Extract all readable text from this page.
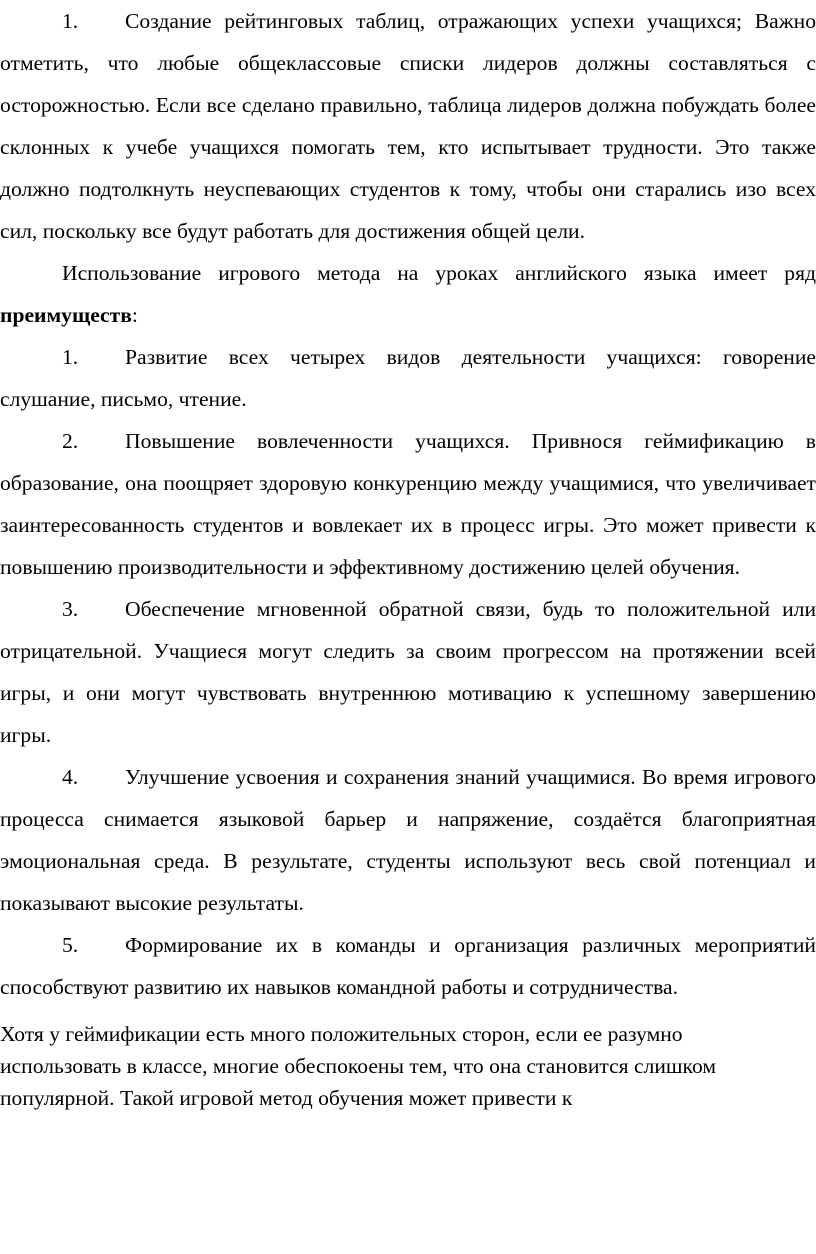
1. Создание рейтинговых таблиц, отражающих успехи учащихся; Важно отметить, что любые общеклассовые списки лидеров должны составляться с осторожностью. Если все сделано правильно, таблица лидеров должна побуждать более склонных к учебе учащихся помогать тем, кто испытывает трудности. Это также должно подтолкнуть неуспевающих студентов к тому, чтобы они старались изо всех сил, поскольку все будут работать для достижения общей цели.

Использование игрового метода на уроках английского языка имеет ряд преимуществ:

1. Развитие всех четырех видов деятельности учащихся: говорение слушание, письмо, чтение.

2. Повышение вовлеченности учащихся. Привнося геймификацию в образование, она поощряет здоровую конкуренцию между учащимися, что увеличивает заинтересованность студентов и вовлекает их в процесс игры. Это может привести к повышению производительности и эффективному достижению целей обучения.

3. Обеспечение мгновенной обратной связи, будь то положительной или отрицательной. Учащиеся могут следить за своим прогрессом на протяжении всей игры, и они могут чувствовать внутреннюю мотивацию к успешному завершению игры.

4. Улучшение усвоения и сохранения знаний учащимися. Во время игрового процесса снимается языковой барьер и напряжение, создаётся благоприятная эмоциональная среда. В результате, студенты используют весь свой потенциал и показывают высокие результаты.

5. Формирование их в команды и организация различных мероприятий способствуют развитию их навыков командной работы и сотрудничества.

Хотя у геймификации есть много положительных сторон, если ее разумно использовать в классе, многие обеспокоены тем, что она становится слишком популярной. Такой игровой метод обучения может привести к
